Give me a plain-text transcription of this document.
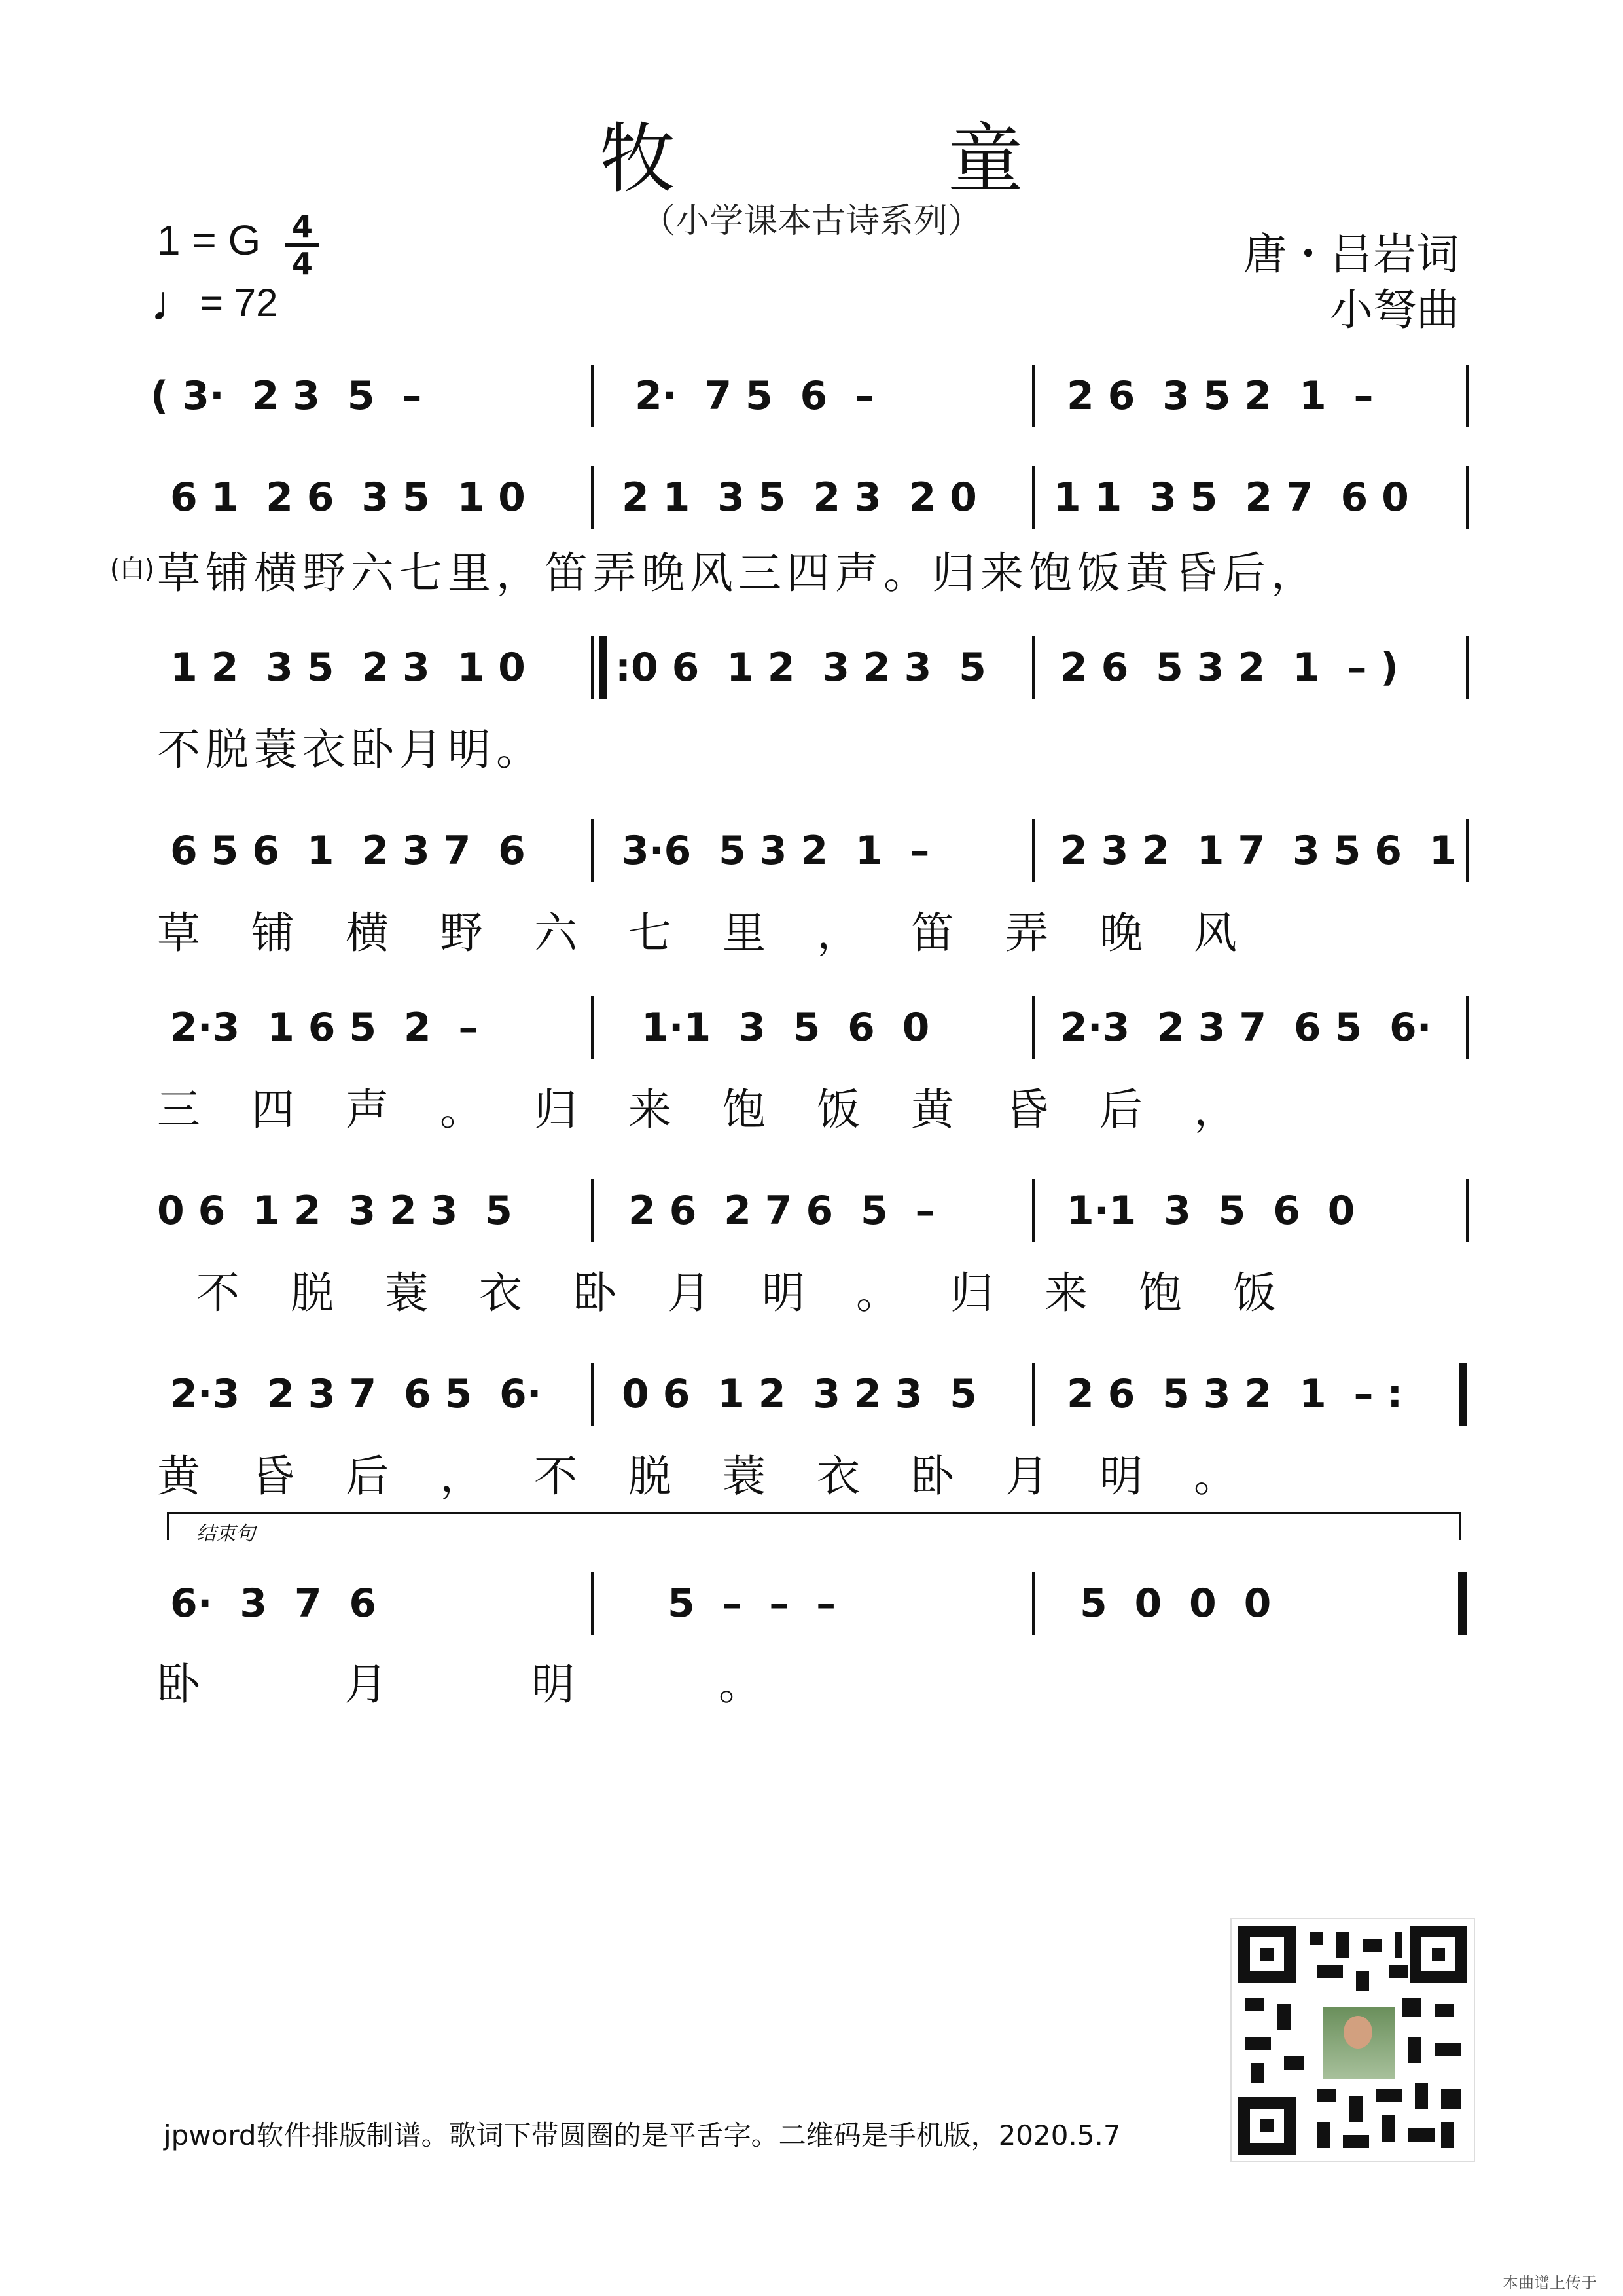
牧　童
（小学课本古诗系列）
1 = G	4
4
♩= 72
唐・吕岩词
小弩曲
( 3·  2 3  5  –	2·  7 5  6  –	2 6  3 5 2  1  –
6 1  2 6  3 5  1 0 2 1  3 5  2 3  2 0 1 1  3 5  2 7  6 0
(白) 草铺横野六七里，笛弄晚风三四声。归来饱饭黄昏后，
1 2  3 5  2 3  1 0 :0 6  1 2  3 2 3  5 2 6  5 3 2  1  – )
不脱蓑衣卧月明。
6 5 6  1  2 3 7  6 3·6  5 3 2  1  –	2 3 2  1 7  3 5 6  1
草铺横野六七里，笛弄晚风
2·3  1 6 5  2  –	1·1  3  5  6  0	2·3  2 3 7  6 5  6·
三四声。归来饱饭黄昏后，
0 6  1 2  3 2 3  5	2 6  2 7 6  5  –	1·1  3  5  6  0
不脱蓑衣卧月明。归来饱饭
2·3  2 3 7  6 5  6· 0 6  1 2  3 2 3  5 2 6  5 3 2  1  – :
黄昏后，不脱蓑衣卧月明。
结束句
6·  3  7  6	5  –  –  –	5  0  0  0
卧月明。
jpword软件排版制谱。歌词下带圆圈的是平舌字。二维码是手机版，2020.5.7
本曲谱上传于
